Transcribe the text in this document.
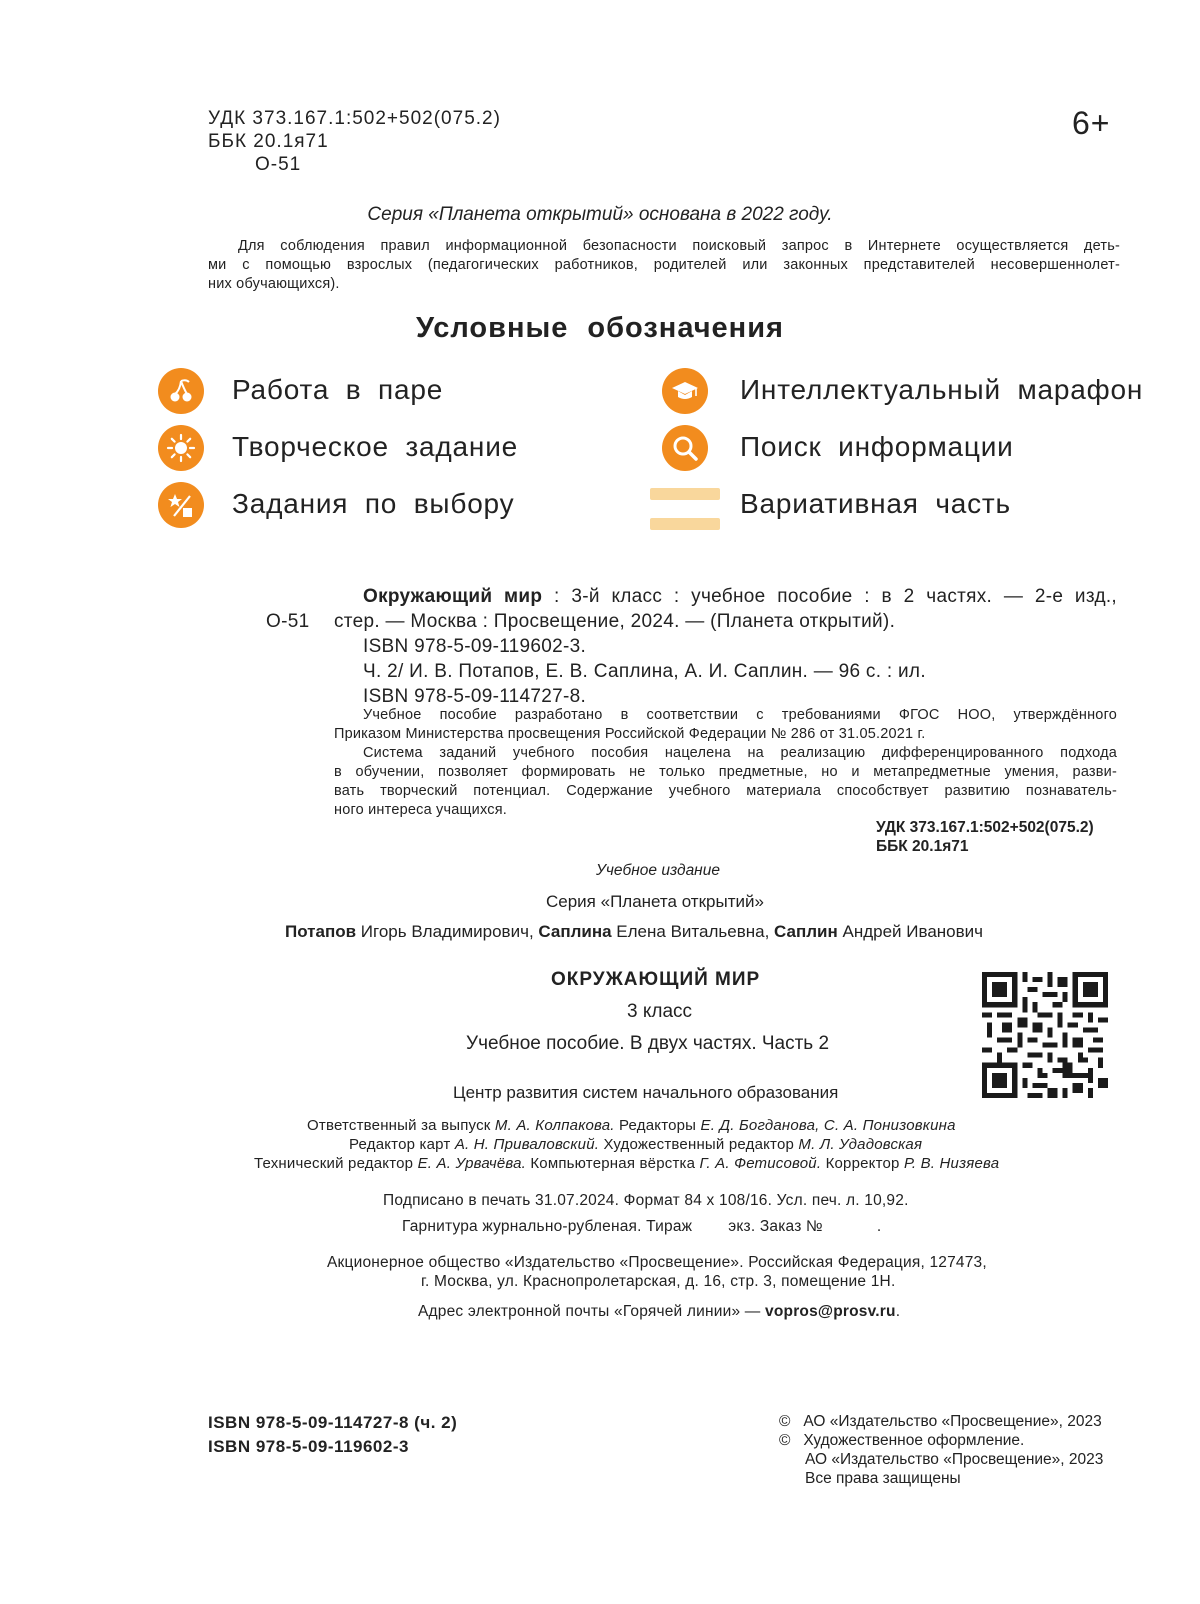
УДК 373.167.1:502+502(075.2)
ББК 20.1я71
О-51
6+
Серия «Планета открытий» основана в 2022 году.
Для соблюдения правил информационной безопасности поисковый запрос в Интернете осуществляется деть-
ми с помощью взрослых (педагогических работников, родителей или законных представителей несовершеннолет-
них обучающихся).
Условные обозначения
Работа в паре
Творческое задание
Задания по выбору
Интеллектуальный марафон
Поиск информации
Вариативная часть
О-51
Окружающий мир : 3-й класс : учебное пособие : в 2 частях. — 2-е изд.,
стер. — Москва : Просвещение, 2024. — (Планета открытий).
ISBN 978-5-09-119602-3.
Ч. 2/ И. В. Потапов, Е. В. Саплина, А. И. Саплин. — 96 с. : ил.
ISBN 978-5-09-114727-8.
Учебное пособие разработано в соответствии с требованиями ФГОС НОО, утверждённого
Приказом Министерства просвещения Российской Федерации № 286 от 31.05.2021 г.
Система заданий учебного пособия нацелена на реализацию дифференцированного подхода
в обучении, позволяет формировать не только предметные, но и метапредметные умения, разви-
вать творческий потенциал. Содержание учебного материала способствует развитию познаватель-
ного интереса учащихся.
УДК 373.167.1:502+502(075.2)
ББК 20.1я71
Учебное издание
Серия «Планета открытий»
Потапов Игорь Владимирович, Саплина Елена Витальевна, Саплин Андрей Иванович
ОКРУЖАЮЩИЙ МИР
3 класс
Учебное пособие. В двух частях. Часть 2
Центр развития систем начального образования
Ответственный за выпуск М. А. Колпакова. Редакторы Е. Д. Богданова, С. А. Понизовкина
Редактор карт А. Н. Приваловский. Художественный редактор М. Л. Удадовская
Технический редактор Е. А. Урвачёва. Компьютерная вёрстка Г. А. Фетисовой. Корректор Р. В. Низяева
Подписано в печать 31.07.2024. Формат 84 x 108/16. Усл. печ. л. 10,92.
Гарнитура журнально-рубленая. Тираж        экз. Заказ №            .
Акционерное общество «Издательство «Просвещение». Российская Федерация, 127473,
г. Москва, ул. Краснопролетарская, д. 16, стр. 3, помещение 1Н.
Адрес электронной почты «Горячей линии» — vopros@prosv.ru.
ISBN 978-5-09-114727-8 (ч. 2)
ISBN 978-5-09-119602-3
© АО «Издательство «Просвещение», 2023
© Художественное оформление.
АО «Издательство «Просвещение», 2023
Все права защищены
